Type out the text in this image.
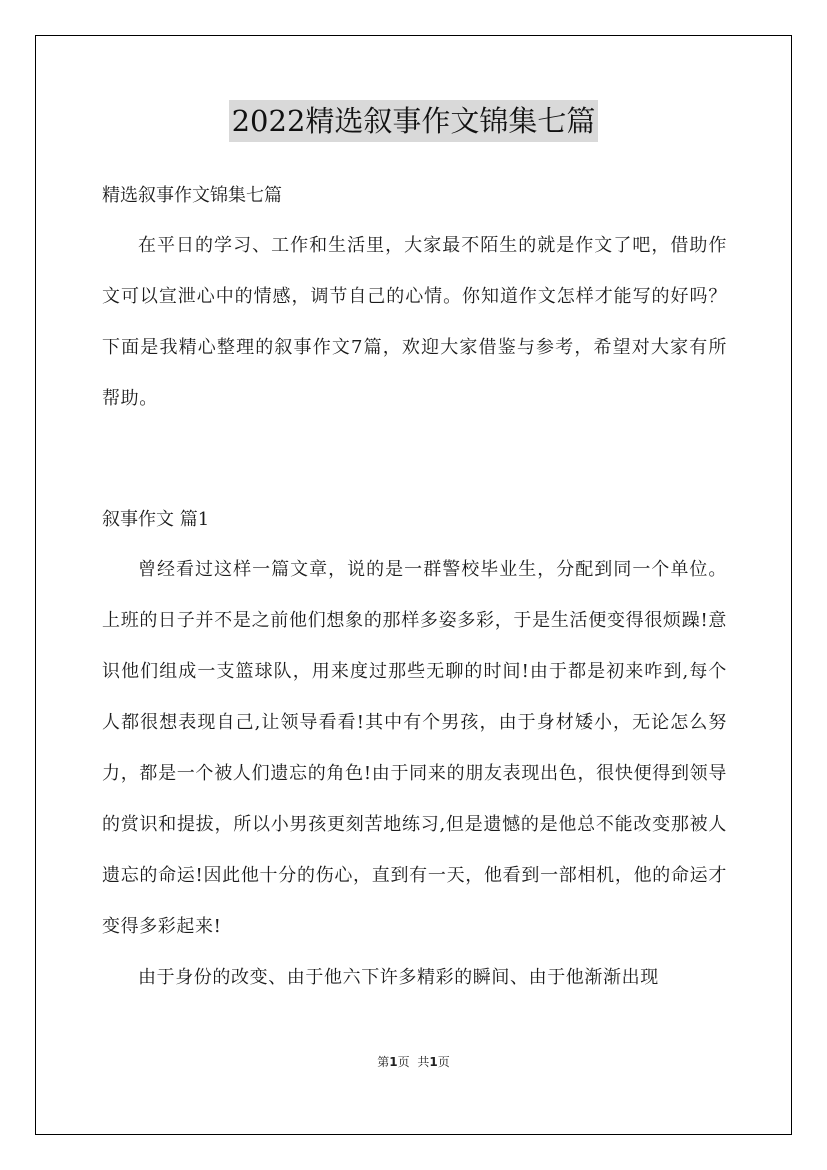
2022精选叙事作文锦集七篇
精选叙事作文锦集七篇

在平日的学习、工作和生活里，大家最不陌生的就是作文了吧，借助作文可以宣泄心中的情感，调节自己的心情。你知道作文怎样才能写的好吗？下面是我精心整理的叙事作文7篇，欢迎大家借鉴与参考，希望对大家有所帮助。

叙事作文 篇1

曾经看过这样一篇文章，说的是一群警校毕业生，分配到同一个单位。上班的日子并不是之前他们想象的那样多姿多彩，于是生活便变得很烦躁!意识他们组成一支篮球队，用来度过那些无聊的时间!由于都是初来咋到,每个人都很想表现自己,让领导看看!其中有个男孩，由于身材矮小，无论怎么努力，都是一个被人们遗忘的角色!由于同来的朋友表现出色，很快便得到领导的赏识和提拔，所以小男孩更刻苦地练习,但是遗憾的是他总不能改变那被人遗忘的命运!因此他十分的伤心，直到有一天，他看到一部相机，他的命运才变得多彩起来!

由于身份的改变、由于他六下许多精彩的瞬间、由于他渐渐出现

第1页 共1页
